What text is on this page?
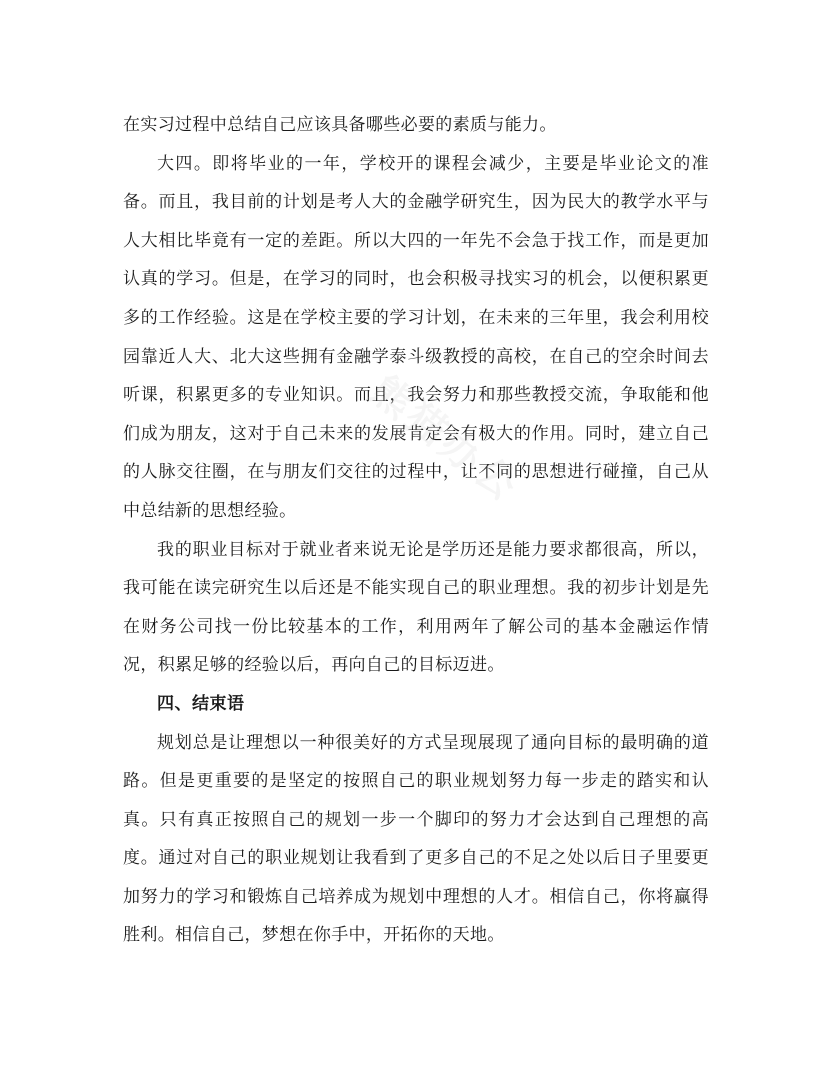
在实习过程中总结自己应该具备哪些必要的素质与能力。

大四。即将毕业的一年，学校开的课程会减少，主要是毕业论文的准备。而且，我目前的计划是考人大的金融学研究生，因为民大的教学水平与人大相比毕竟有一定的差距。所以大四的一年先不会急于找工作，而是更加认真的学习。但是，在学习的同时，也会积极寻找实习的机会，以便积累更多的工作经验。这是在学校主要的学习计划，在未来的三年里，我会利用校园靠近人大、北大这些拥有金融学泰斗级教授的高校，在自己的空余时间去听课，积累更多的专业知识。而且，我会努力和那些教授交流，争取能和他们成为朋友，这对于自己未来的发展肯定会有极大的作用。同时，建立自己的人脉交往圈，在与朋友们交往的过程中，让不同的思想进行碰撞，自己从中总结新的思想经验。

我的职业目标对于就业者来说无论是学历还是能力要求都很高，所以，我可能在读完研究生以后还是不能实现自己的职业理想。我的初步计划是先在财务公司找一份比较基本的工作，利用两年了解公司的基本金融运作情况，积累足够的经验以后，再向自己的目标迈进。

四、结束语

规划总是让理想以一种很美好的方式呈现展现了通向目标的最明确的道路。但是更重要的是坚定的按照自己的职业规划努力每一步走的踏实和认真。只有真正按照自己的规划一步一个脚印的努力才会达到自己理想的高度。通过对自己的职业规划让我看到了更多自己的不足之处以后日子里要更加努力的学习和锻炼自己培养成为规划中理想的人才。相信自己，你将赢得胜利。相信自己，梦想在你手中，开拓你的天地。

熊猫办公
